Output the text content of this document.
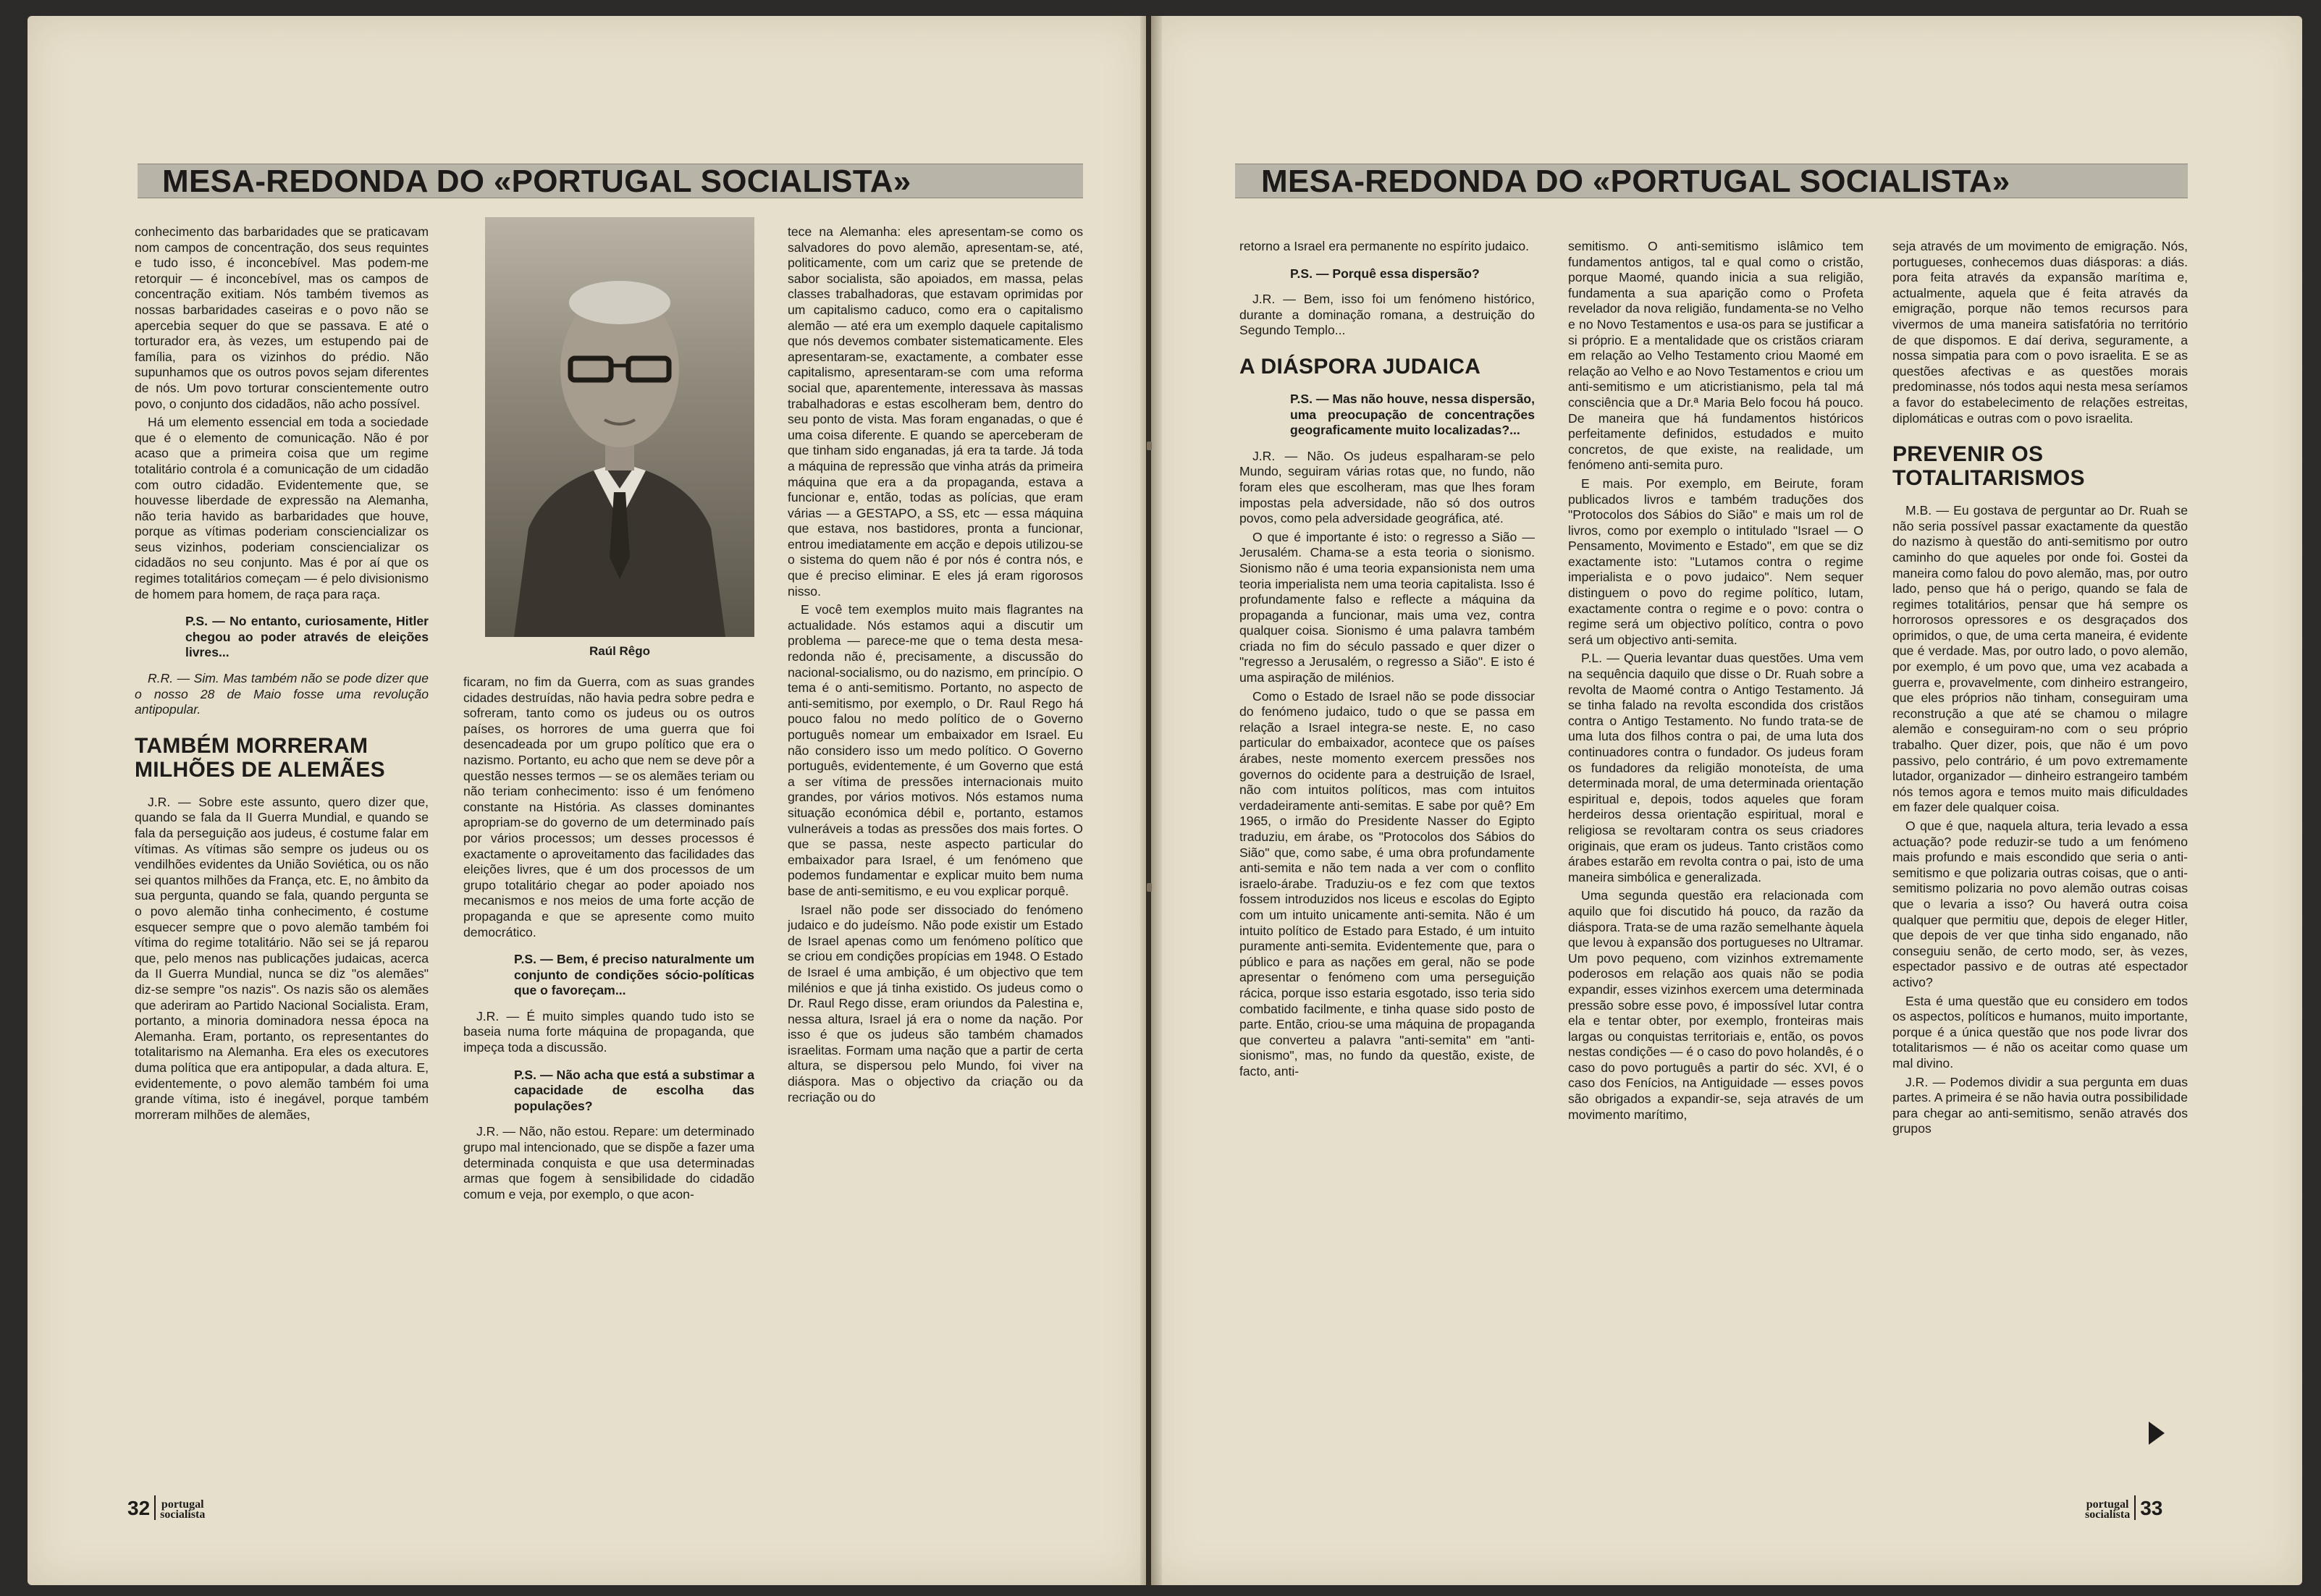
MESA-REDONDA DO «PORTUGAL SOCIALISTA»	MESA-REDONDA DO «PORTUGAL SOCIALISTA»

conhecimento das barbaridades que se praticavam nom campos de concentração, dos seus requintes e tudo isso, é inconcebível. Mas podem-me retorquir — é inconcebível, mas os campos de concentração exitiam. Nós também tivemos as nossas barbaridades caseiras e o povo não se apercebia sequer do que se passava. E até o torturador era, às vezes, um estupendo pai de família, para os vizinhos do prédio. Não supunhamos que os outros povos sejam diferentes de nós. Um povo torturar conscientemente outro povo, o conjunto dos cidadãos, não acho possível.

Há um elemento essencial em toda a sociedade que é o elemento de comunicação. Não é por acaso que a primeira coisa que um regime totalitário controla é a comunicação de um cidadão com outro cidadão. Evidentemente que, se houvesse liberdade de expressão na Alemanha, não teria havido as barbaridades que houve, porque as vítimas poderiam consciencializar os seus vizinhos, poderiam consciencializar os cidadãos no seu conjunto. Mas é por aí que os regimes totalitários começam — é pelo divisionismo de homem para homem, de raça para raça.

P.S. — No entanto, curiosamente, Hitler chegou ao poder através de eleições livres...

R.R. — Sim. Mas também não se pode dizer que o nosso 28 de Maio fosse uma revolução antipopular.

TAMBÉM MORRERAM MILHÕES DE ALEMÃES

J.R. — Sobre este assunto, quero dizer que, quando se fala da II Guerra Mundial, e quando se fala da perseguição aos judeus, é costume falar em vítimas. As vítimas são sempre os judeus ou os vendilhões evidentes da União Soviética, ou os não sei quantos milhões da França, etc. E, no âmbito da sua pergunta, quando se fala, quando pergunta se o povo alemão tinha conhecimento, é costume esquecer sempre que o povo alemão também foi vítima do regime totalitário. Não sei se já reparou que, pelo menos nas publicações judaicas, acerca da II Guerra Mundial, nunca se diz "os alemães" diz-se sempre "os nazis". Os nazis são os alemães que aderiram ao Partido Nacional Socialista. Eram, portanto, a minoria dominadora nessa época na Alemanha. Eram, portanto, os representantes do totalitarismo na Alemanha. Era eles os executores duma política que era antipopular, a dada altura. E, evidentemente, o povo alemão também foi uma grande vítima, isto é inegável, porque também morreram milhões de alemães,

Raúl Rêgo

ficaram, no fim da Guerra, com as suas grandes cidades destruídas, não havia pedra sobre pedra e sofreram, tanto como os judeus ou os outros países, os horrores de uma guerra que foi desencadeada por um grupo político que era o nazismo. Portanto, eu acho que nem se deve pôr a questão nesses termos — se os alemães teriam ou não teriam conhecimento: isso é um fenómeno constante na História. As classes dominantes apropriam-se do governo de um determinado país por vários processos; um desses processos é exactamente o aproveitamento das facilidades das eleições livres, que é um dos processos de um grupo totalitário chegar ao poder apoiado nos mecanismos e nos meios de uma forte acção de propaganda e que se apresente como muito democrático.

P.S. — Bem, é preciso naturalmente um conjunto de condições sócio-políticas que o favoreçam...

J.R. — É muito simples quando tudo isto se baseia numa forte máquina de propaganda, que impeça toda a discussão.

P.S. — Não acha que está a substimar a capacidade de escolha das populações?

J.R. — Não, não estou. Repare: um determinado grupo mal intencionado, que se dispõe a fazer uma determinada conquista e que usa determinadas armas que fogem à sensibilidade do cidadão comum e veja, por exemplo, o que acon-

tece na Alemanha: eles apresentam-se como os salvadores do povo alemão, apresentam-se, até, politicamente, com um cariz que se pretende de sabor socialista, são apoiados, em massa, pelas classes trabalhadoras, que estavam oprimidas por um capitalismo caduco, como era o capitalismo alemão — até era um exemplo daquele capitalismo que nós devemos combater sistematicamente. Eles apresentaram-se, exactamente, a combater esse capitalismo, apresentaram-se com uma reforma social que, aparentemente, interessava às massas trabalhadoras e estas escolheram bem, dentro do seu ponto de vista. Mas foram enganadas, o que é uma coisa diferente. E quando se aperceberam de que tinham sido enganadas, já era ta tarde. Já toda a máquina de repressão que vinha atrás da primeira máquina que era a da propaganda, estava a funcionar e, então, todas as polícias, que eram várias — a GESTAPO, a SS, etc — essa máquina que estava, nos bastidores, pronta a funcionar, entrou imediatamente em acção e depois utilizou-se o sistema do quem não é por nós é contra nós, e que é preciso eliminar. E eles já eram rigorosos nisso.

E você tem exemplos muito mais flagrantes na actualidade. Nós estamos aqui a discutir um problema — parece-me que o tema desta mesa-redonda não é, precisamente, a discussão do nacional-socialismo, ou do nazismo, em princípio. O tema é o anti-semitismo. Portanto, no aspecto de anti-semitismo, por exemplo, o Dr. Raul Rego há pouco falou no medo político de o Governo português nomear um embaixador em Israel. Eu não considero isso um medo político. O Governo português, evidentemente, é um Governo que está a ser vítima de pressões internacionais muito grandes, por vários motivos. Nós estamos numa situação económica débil e, portanto, estamos vulneráveis a todas as pressões dos mais fortes. O que se passa, neste aspecto particular do embaixador para Israel, é um fenómeno que podemos fundamentar e explicar muito bem numa base de anti-semitismo, e eu vou explicar porquê.

Israel não pode ser dissociado do fenómeno judaico e do judeísmo. Não pode existir um Estado de Israel apenas como um fenómeno político que se criou em condições propícias em 1948. O Estado de Israel é uma ambição, é um objectivo que tem milénios e que já tinha existido. Os judeus como o Dr. Raul Rego disse, eram oriundos da Palestina e, nessa altura, Israel já era o nome da nação. Por isso é que os judeus são também chamados israelitas. Formam uma nação que a partir de certa altura, se dispersou pelo Mundo, foi viver na diáspora. Mas o objectivo da criação ou da recriação ou do

retorno a Israel era permanente no espírito judaico.

P.S. — Porquê essa dispersão?

J.R. — Bem, isso foi um fenómeno histórico, durante a dominação romana, a destruição do Segundo Templo...

A DIÁSPORA JUDAICA

P.S. — Mas não houve, nessa dispersão, uma preocupação de concentrações geograficamente muito localizadas?...

J.R. — Não. Os judeus espalharam-se pelo Mundo, seguiram várias rotas que, no fundo, não foram eles que escolheram, mas que lhes foram impostas pela adversidade, não só dos outros povos, como pela adversidade geográfica, até.

O que é importante é isto: o regresso a Sião — Jerusalém. Chama-se a esta teoria o sionismo. Sionismo não é uma teoria expansionista nem uma teoria imperialista nem uma teoria capitalista. Isso é profundamente falso e reflecte a máquina da propaganda a funcionar, mais uma vez, contra qualquer coisa. Sionismo é uma palavra também criada no fim do século passado e quer dizer o "regresso a Jerusalém, o regresso a Sião". E isto é uma aspiração de milénios.

Como o Estado de Israel não se pode dissociar do fenómeno judaico, tudo o que se passa em relação a Israel integra-se neste. E, no caso particular do embaixador, acontece que os países árabes, neste momento exercem pressões nos governos do ocidente para a destruição de Israel, não com intuitos políticos, mas com intuitos verdadeiramente anti-semitas. E sabe por quê? Em 1965, o irmão do Presidente Nasser do Egipto traduziu, em árabe, os "Protocolos dos Sábios do Sião" que, como sabe, é uma obra profundamente anti-semita e não tem nada a ver com o conflito israelo-árabe. Traduziu-os e fez com que textos fossem introduzidos nos liceus e escolas do Egipto com um intuito unicamente anti-semita. Não é um intuito político de Estado para Estado, é um intuito puramente anti-semita. Evidentemente que, para o público e para as nações em geral, não se pode apresentar o fenómeno com uma perseguição rácica, porque isso estaria esgotado, isso teria sido combatido facilmente, e tinha quase sido posto de parte. Então, criou-se uma máquina de propaganda que converteu a palavra "anti-semita" em "anti-sionismo", mas, no fundo da questão, existe, de facto, anti-

semitismo. O anti-semitismo islâmico tem fundamentos antigos, tal e qual como o cristão, porque Maomé, quando inicia a sua religião, fundamenta a sua aparição como o Profeta revelador da nova religião, fundamenta-se no Velho e no Novo Testamentos e usa-os para se justificar a si próprio. E a mentalidade que os cristãos criaram em relação ao Velho Testamento criou Maomé em relação ao Velho e ao Novo Testamentos e criou um anti-semitismo e um aticristianismo, pela tal má consciência que a Dr.ª Maria Belo focou há pouco. De maneira que há fundamentos históricos perfeitamente definidos, estudados e muito concretos, de que existe, na realidade, um fenómeno anti-semita puro.

E mais. Por exemplo, em Beirute, foram publicados livros e também traduções dos "Protocolos dos Sábios do Sião" e mais um rol de livros, como por exemplo o intitulado "Israel — O Pensamento, Movimento e Estado", em que se diz exactamente isto: "Lutamos contra o regime imperialista e o povo judaico". Nem sequer distinguem o povo do regime político, lutam, exactamente contra o regime e o povo: contra o regime será um objectivo político, contra o povo será um objectivo anti-semita.

P.L. — Queria levantar duas questões. Uma vem na sequência daquilo que disse o Dr. Ruah sobre a revolta de Maomé contra o Antigo Testamento. Já se tinha falado na revolta escondida dos cristãos contra o Antigo Testamento. No fundo trata-se de uma luta dos filhos contra o pai, de uma luta dos continuadores contra o fundador. Os judeus foram os fundadores da religião monoteísta, de uma determinada moral, de uma determinada orientação espiritual e, depois, todos aqueles que foram herdeiros dessa orientação espiritual, moral e religiosa se revoltaram contra os seus criadores originais, que eram os judeus. Tanto cristãos como árabes estarão em revolta contra o pai, isto de uma maneira simbólica e generalizada.

Uma segunda questão era relacionada com aquilo que foi discutido há pouco, da razão da diáspora. Trata-se de uma razão semelhante àquela que levou à expansão dos portugueses no Ultramar. Um povo pequeno, com vizinhos extremamente poderosos em relação aos quais não se podia expandir, esses vizinhos exercem uma determinada pressão sobre esse povo, é impossível lutar contra ela e tentar obter, por exemplo, fronteiras mais largas ou conquistas territoriais e, então, os povos nestas condições — é o caso do povo holandês, é o caso do povo português a partir do séc. XVI, é o caso dos Fenícios, na Antiguidade — esses povos são obrigados a expandir-se, seja através de um movimento marítimo,

seja através de um movimento de emigração. Nós, portugueses, conhecemos duas diásporas: a diás. pora feita através da expansão marítima e, actualmente, aquela que é feita através da emigração, porque não temos recursos para vivermos de uma maneira satisfatória no território de que dispomos. E daí deriva, seguramente, a nossa simpatia para com o povo israelita. E se as questões afectivas e as questões morais predominasse, nós todos aqui nesta mesa seríamos a favor do estabelecimento de relações estreitas, diplomáticas e outras com o povo israelita.

PREVENIR OS TOTALITARISMOS

M.B. — Eu gostava de perguntar ao Dr. Ruah se não seria possível passar exactamente da questão do nazismo à questão do anti-semitismo por outro caminho do que aqueles por onde foi. Gostei da maneira como falou do povo alemão, mas, por outro lado, penso que há o perigo, quando se fala de regimes totalitários, pensar que há sempre os horrorosos opressores e os desgraçados dos oprimidos, o que, de uma certa maneira, é evidente que é verdade. Mas, por outro lado, o povo alemão, por exemplo, é um povo que, uma vez acabada a guerra e, provavelmente, com dinheiro estrangeiro, que eles próprios não tinham, conseguiram uma reconstrução a que até se chamou o milagre alemão e conseguiram-no com o seu próprio trabalho. Quer dizer, pois, que não é um povo passivo, pelo contrário, é um povo extremamente lutador, organizador — dinheiro estrangeiro também nós temos agora e temos muito mais dificuldades em fazer dele qualquer coisa.

O que é que, naquela altura, teria levado a essa actuação? pode reduzir-se tudo a um fenómeno mais profundo e mais escondido que seria o anti-semitismo e que polizaria outras coisas, que o anti-semitismo polizaria no povo alemão outras coisas que o levaria a isso? Ou haverá outra coisa qualquer que permitiu que, depois de eleger Hitler, que depois de ver que tinha sido enganado, não conseguiu senão, de certo modo, ser, às vezes, espectador passivo e de outras até espectador activo?

Esta é uma questão que eu considero em todos os aspectos, políticos e humanos, muito importante, porque é a única questão que nos pode livrar dos totalitarismos — é não os aceitar como quase um mal divino.

J.R. — Podemos dividir a sua pergunta em duas partes. A primeira é se não havia outra possibilidade para chegar ao anti-semitismo, senão através dos grupos

32 portugal
socialista
portugal
socialista 33
